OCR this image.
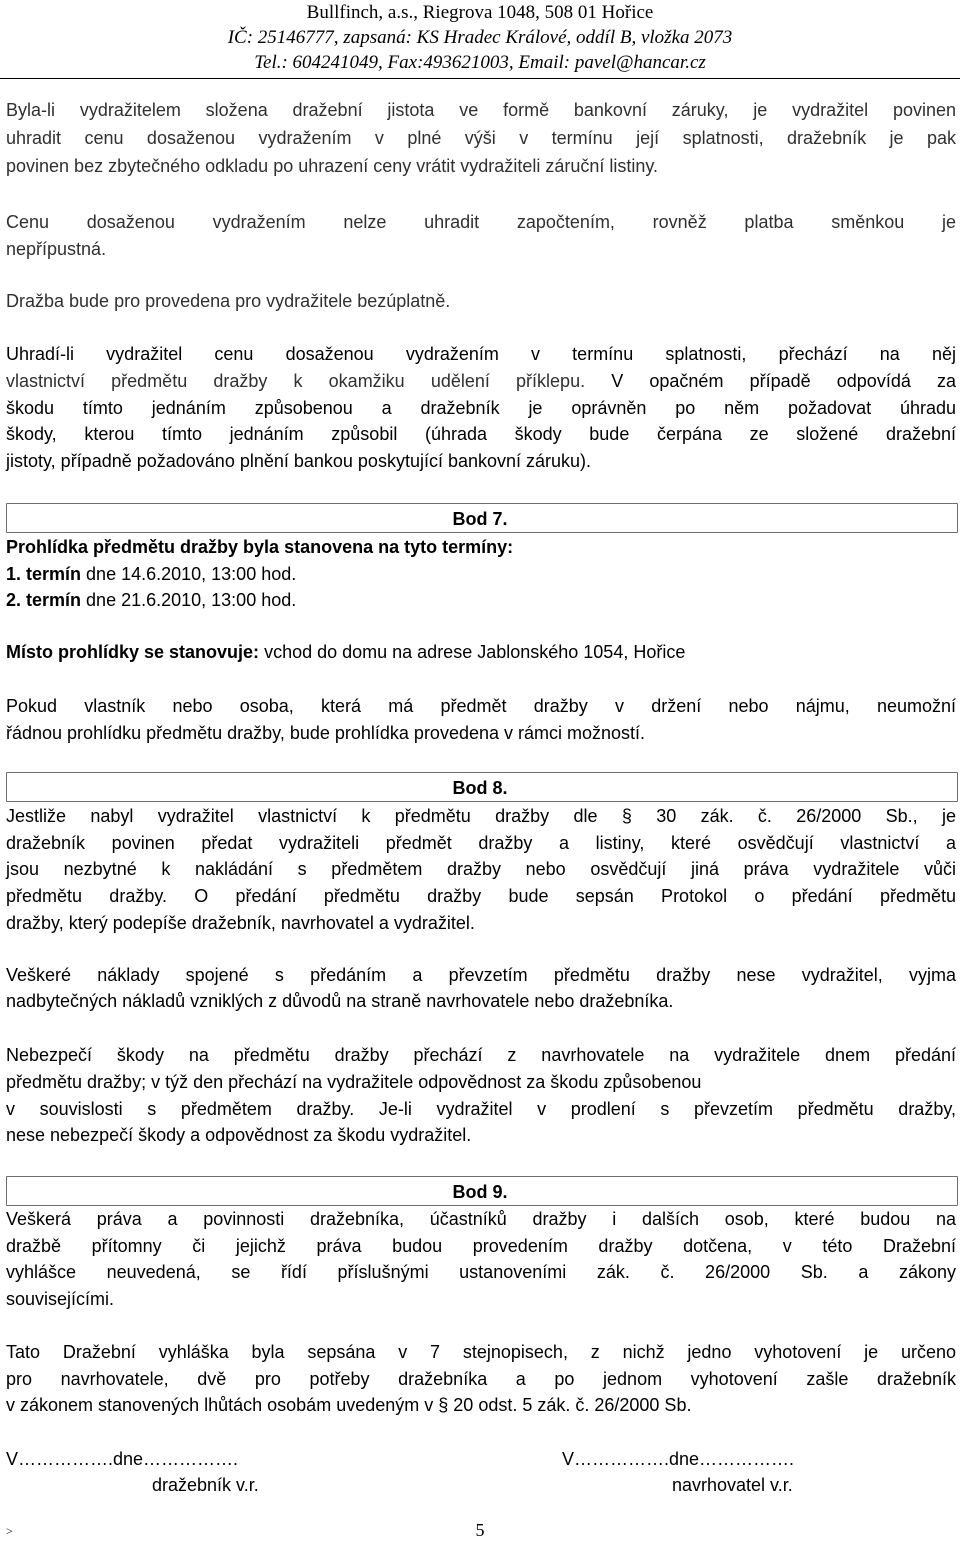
Bullfinch, a.s., Riegrova 1048, 508 01 Hořice
IČ: 25146777, zapsaná: KS Hradec Králové, oddíl B, vložka 2073
Tel.: 604241049, Fax:493621003, Email: pavel@hancar.cz
Byla-li vydražitelem složena dražební jistota ve formě bankovní záruky, je vydražitel povinen
uhradit cenu dosaženou vydražením v plné výši v termínu její splatnosti, dražebník je pak
povinen bez zbytečného odkladu po uhrazení ceny vrátit vydražiteli záruční listiny.
Cenu dosaženou vydražením nelze uhradit započtením, rovněž platba směnkou je
nepřípustná.
Dražba bude pro provedena pro vydražitele bezúplatně.
Uhradí-li vydražitel cenu dosaženou vydražením v termínu splatnosti, přechází na něj
vlastnictví předmětu dražby k okamžiku udělení příklepu. V opačném případě odpovídá za
škodu tímto jednáním způsobenou a dražebník je oprávněn po něm požadovat úhradu
škody, kterou tímto jednáním způsobil (úhrada škody bude čerpána ze složené dražební
jistoty, případně požadováno plnění bankou poskytující bankovní záruku).
Bod 7.
Prohlídka předmětu dražby byla stanovena na tyto termíny:
1. termín dne 14.6.2010, 13:00 hod.
2. termín dne 21.6.2010, 13:00 hod.
Místo prohlídky se stanovuje: vchod do domu na adrese Jablonského 1054, Hořice
Pokud vlastník nebo osoba, která má předmět dražby v držení nebo nájmu, neumožní
řádnou prohlídku předmětu dražby, bude prohlídka provedena v rámci možností.
Bod 8.
Jestliže nabyl vydražitel vlastnictví k předmětu dražby dle § 30 zák. č. 26/2000 Sb., je
dražebník povinen předat vydražiteli předmět dražby a listiny, které osvědčují vlastnictví a
jsou nezbytné k nakládání s předmětem dražby nebo osvědčují jiná práva vydražitele vůči
předmětu dražby. O předání předmětu dražby bude sepsán Protokol o předání předmětu
dražby, který podepíše dražebník, navrhovatel a vydražitel.
Veškeré náklady spojené s předáním a převzetím předmětu dražby nese vydražitel, vyjma
nadbytečných nákladů vzniklých z důvodů na straně navrhovatele nebo dražebníka.
Nebezpečí škody na předmětu dražby přechází z navrhovatele na vydražitele dnem předání
předmětu dražby; v týž den přechází na vydražitele odpovědnost za škodu způsobenou
v souvislosti s předmětem dražby. Je-li vydražitel v prodlení s převzetím předmětu dražby,
nese nebezpečí škody a odpovědnost za škodu vydražitel.
Bod 9.
Veškerá práva a povinnosti dražebníka, účastníků dražby i dalších osob, které budou na
dražbě přítomny či jejichž práva budou provedením dražby dotčena, v této Dražební
vyhlášce neuvedená, se řídí příslušnými ustanoveními zák. č. 26/2000 Sb. a zákony
souvisejícími.
Tato Dražební vyhláška byla sepsána v 7 stejnopisech, z nichž jedno vyhotovení je určeno
pro navrhovatele, dvě pro potřeby dražebníka a po jednom vyhotovení zašle dražebník
v zákonem stanovených lhůtách osobám uvedeným v § 20 odst. 5 zák. č. 26/2000 Sb.
V…………….dne…………….
dražebník v.r.
V…………….dne…………….
navrhovatel v.r.
>	5
